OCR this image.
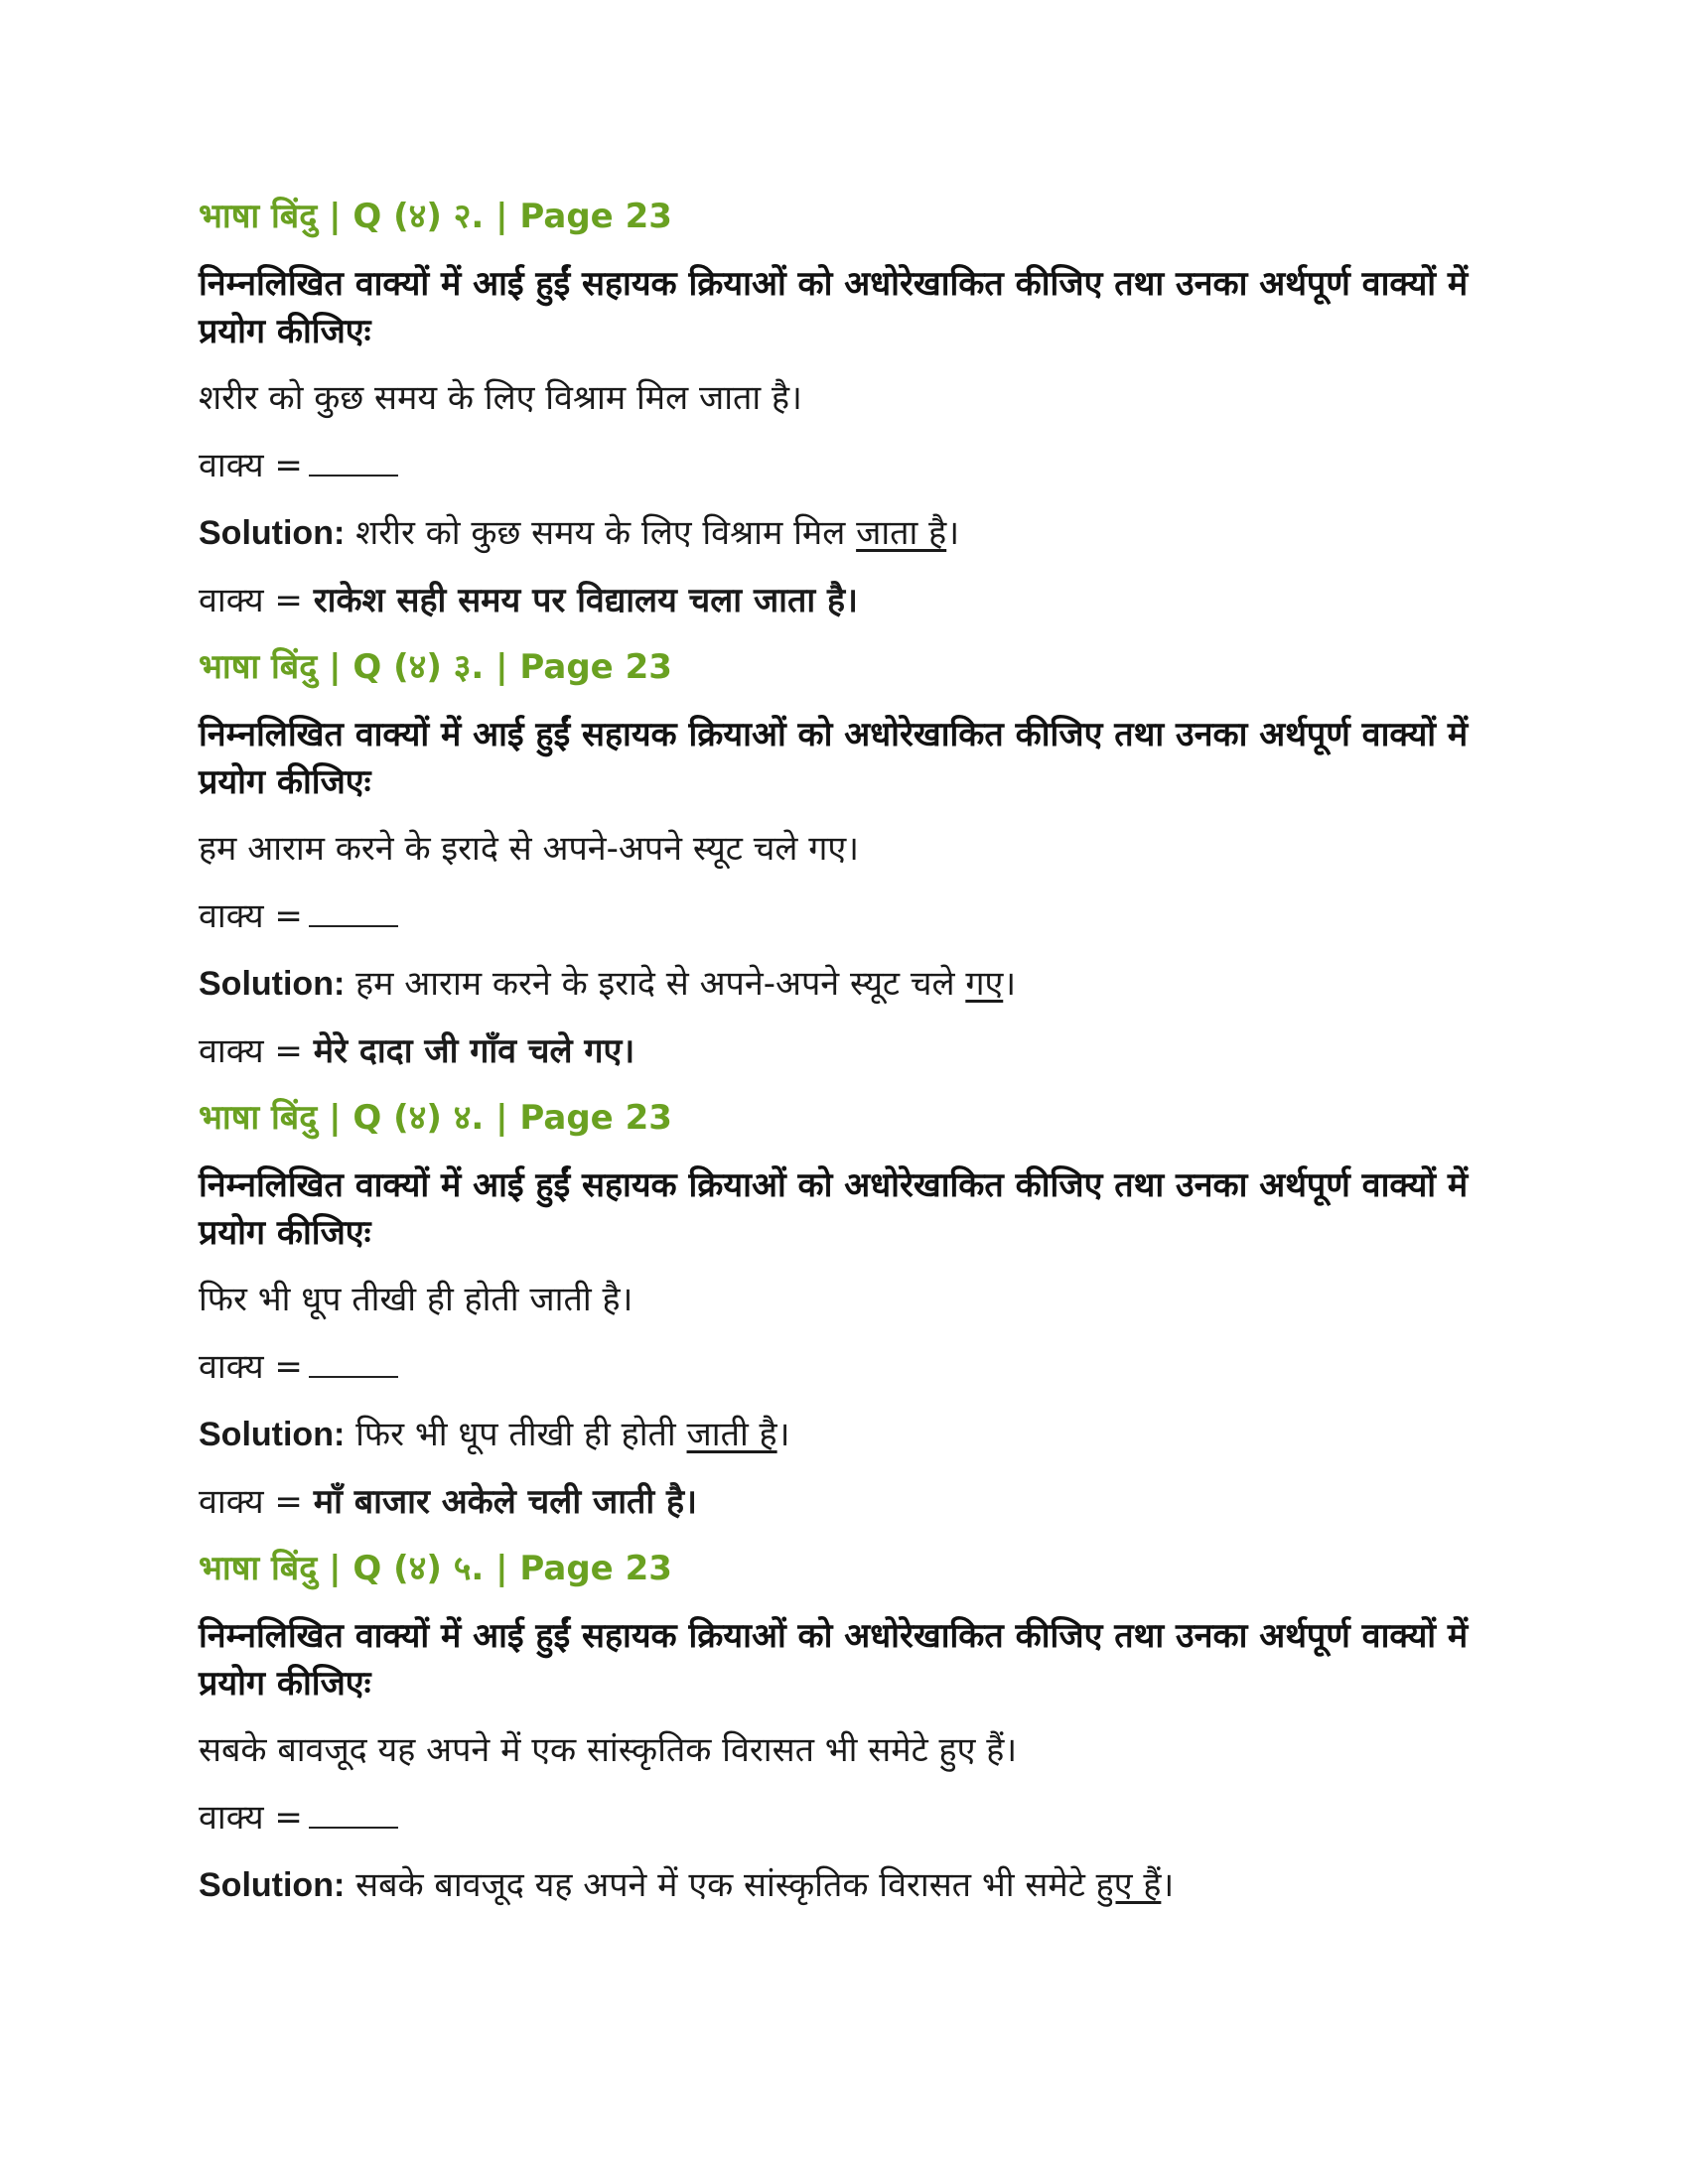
भाषा बिंदु | Q (४) २. | Page 23
निम्नलिखित वाक्यों में आई हुईं सहायक क्रियाओं को अधोरेखाकित कीजिए तथा उनका अर्थपूर्ण वाक्यों में प्रयोग कीजिएः
शरीर को कुछ समय के लिए विश्राम मिल जाता है।
वाक्य =
Solution: शरीर को कुछ समय के लिए विश्राम मिल जाता है।
वाक्य = राकेश सही समय पर विद्यालय चला जाता है।
भाषा बिंदु | Q (४) ३. | Page 23
निम्नलिखित वाक्यों में आई हुईं सहायक क्रियाओं को अधोरेखाकित कीजिए तथा उनका अर्थपूर्ण वाक्यों में प्रयोग कीजिएः
हम आराम करने के इरादे से अपने-अपने स्यूट चले गए।
वाक्य =
Solution: हम आराम करने के इरादे से अपने-अपने स्यूट चले गए।
वाक्य = मेरे दादा जी गाँव चले गए।
भाषा बिंदु | Q (४) ४. | Page 23
निम्नलिखित वाक्यों में आई हुईं सहायक क्रियाओं को अधोरेखाकित कीजिए तथा उनका अर्थपूर्ण वाक्यों में प्रयोग कीजिएः
फिर भी धूप तीखी ही होती जाती है।
वाक्य =
Solution: फिर भी धूप तीखी ही होती जाती है।
वाक्य = माँ बाजार अकेले चली जाती है।
भाषा बिंदु | Q (४) ५. | Page 23
निम्नलिखित वाक्यों में आई हुईं सहायक क्रियाओं को अधोरेखाकित कीजिए तथा उनका अर्थपूर्ण वाक्यों में प्रयोग कीजिएः
सबके बावजूद यह अपने में एक सांस्कृतिक विरासत भी समेटे हुए हैं।
वाक्य =
Solution: सबके बावजूद यह अपने में एक सांस्कृतिक विरासत भी समेटे हुए हैं।
